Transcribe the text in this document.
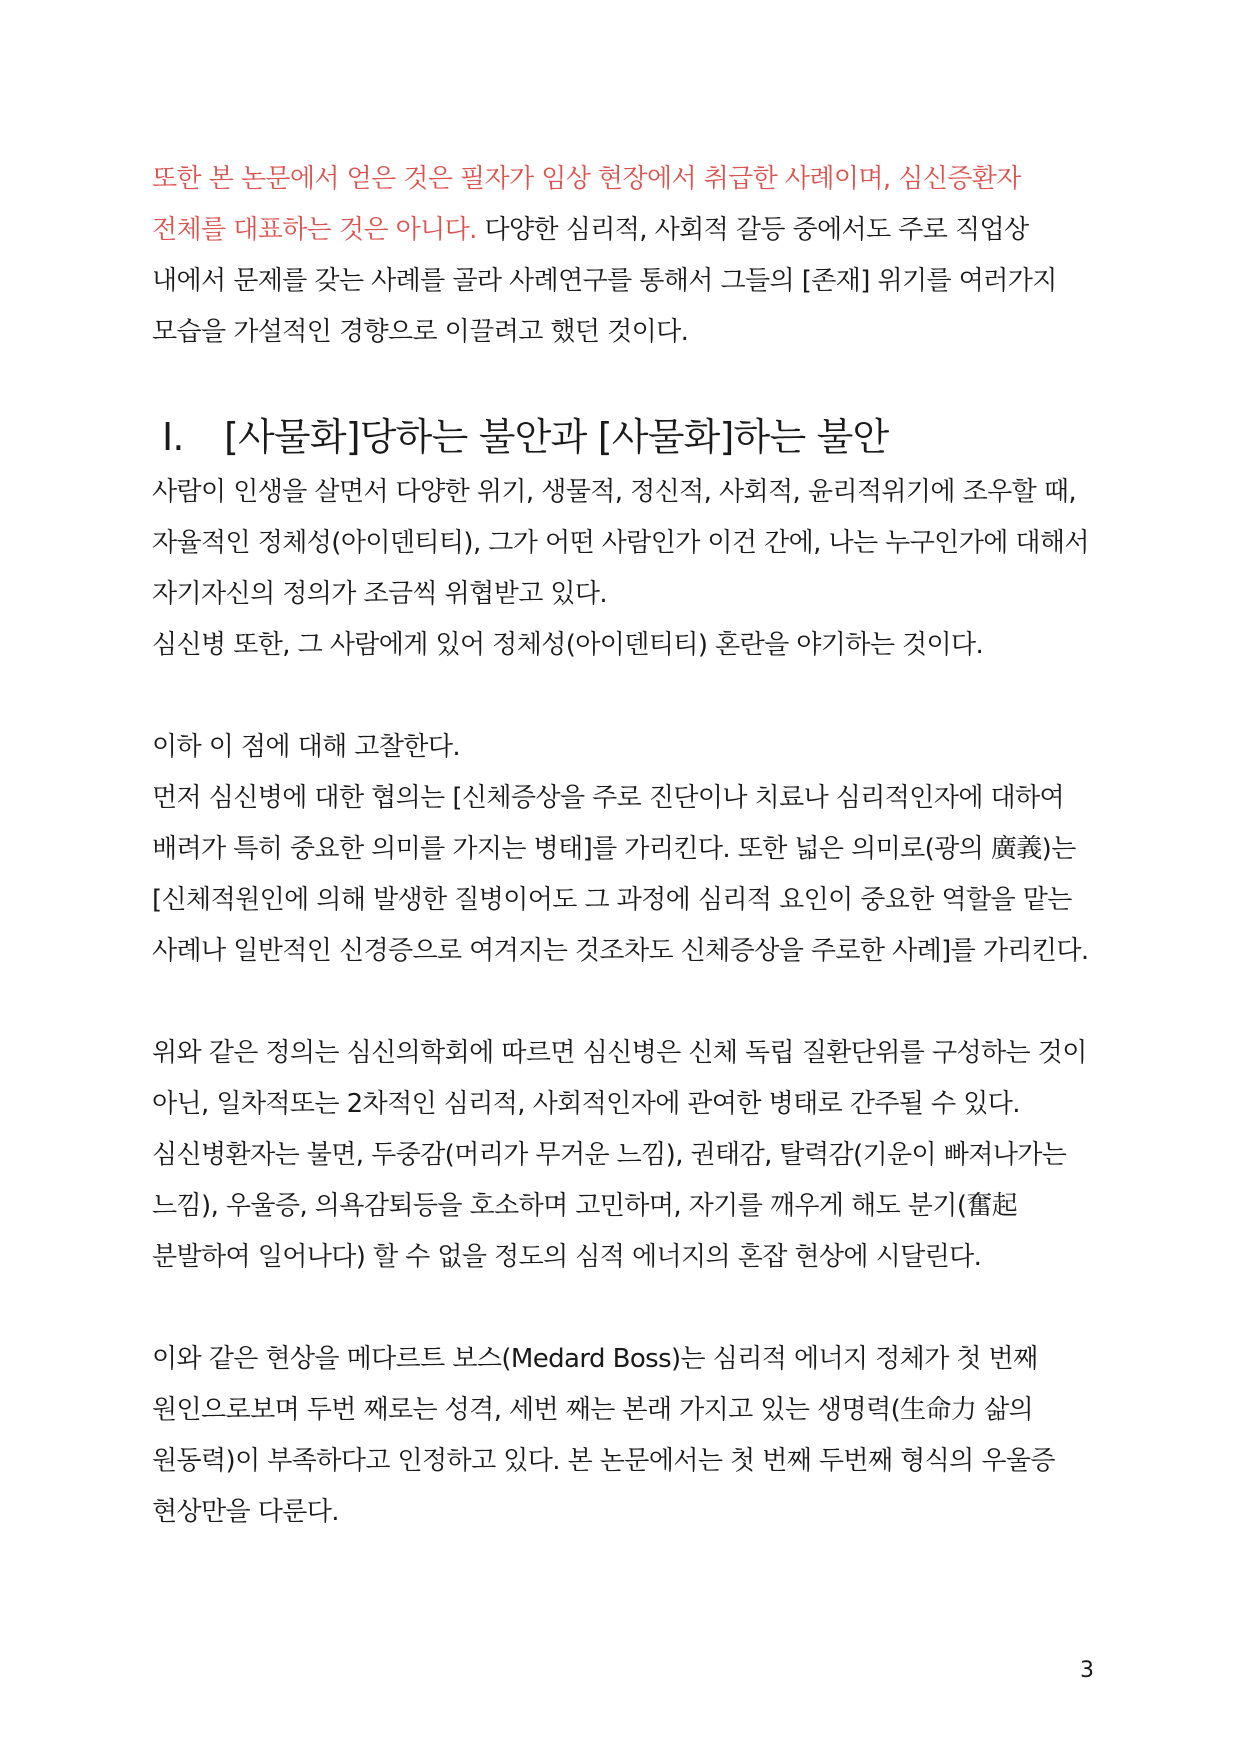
또한 본 논문에서 얻은 것은 필자가 임상 현장에서 취급한 사례이며, 심신증환자
전체를 대표하는 것은 아니다. 다양한 심리적, 사회적 갈등 중에서도 주로 직업상
내에서 문제를 갖는 사례를 골라 사례연구를 통해서 그들의 [존재] 위기를 여러가지
모습을 가설적인 경향으로 이끌려고 했던 것이다.
I.	[사물화]당하는 불안과 [사물화]하는 불안
사람이 인생을 살면서 다양한 위기, 생물적, 정신적, 사회적, 윤리적위기에 조우할 때,
자율적인 정체성(아이덴티티), 그가 어떤 사람인가 이건 간에, 나는 누구인가에 대해서
자기자신의 정의가 조금씩 위협받고 있다.
심신병 또한, 그 사람에게 있어 정체성(아이덴티티) 혼란을 야기하는 것이다.
이하 이 점에 대해 고찰한다.
먼저 심신병에 대한 협의는 [신체증상을 주로 진단이나 치료나 심리적인자에 대하여
배려가 특히 중요한 의미를 가지는 병태]를 가리킨다. 또한 넓은 의미로(광의 廣義)는
[신체적원인에 의해 발생한 질병이어도 그 과정에 심리적 요인이 중요한 역할을 맡는
사례나 일반적인 신경증으로 여겨지는 것조차도 신체증상을 주로한 사례]를 가리킨다.
위와 같은 정의는 심신의학회에 따르면 심신병은 신체 독립 질환단위를 구성하는 것이
아닌, 일차적또는 2차적인 심리적, 사회적인자에 관여한 병태로 간주될 수 있다.
심신병환자는 불면, 두중감(머리가 무거운 느낌), 권태감, 탈력감(기운이 빠져나가는
느낌), 우울증, 의욕감퇴등을 호소하며 고민하며, 자기를 깨우게 해도 분기(奮起
분발하여 일어나다) 할 수 없을 정도의 심적 에너지의 혼잡 현상에 시달린다.
이와 같은 현상을 메다르트 보스(Medard Boss)는 심리적 에너지 정체가 첫 번째
원인으로보며 두번 째로는 성격, 세번 째는 본래 가지고 있는 생명력(生命力 삶의
원동력)이 부족하다고 인정하고 있다. 본 논문에서는 첫 번째 두번째 형식의 우울증
현상만을 다룬다.
3
